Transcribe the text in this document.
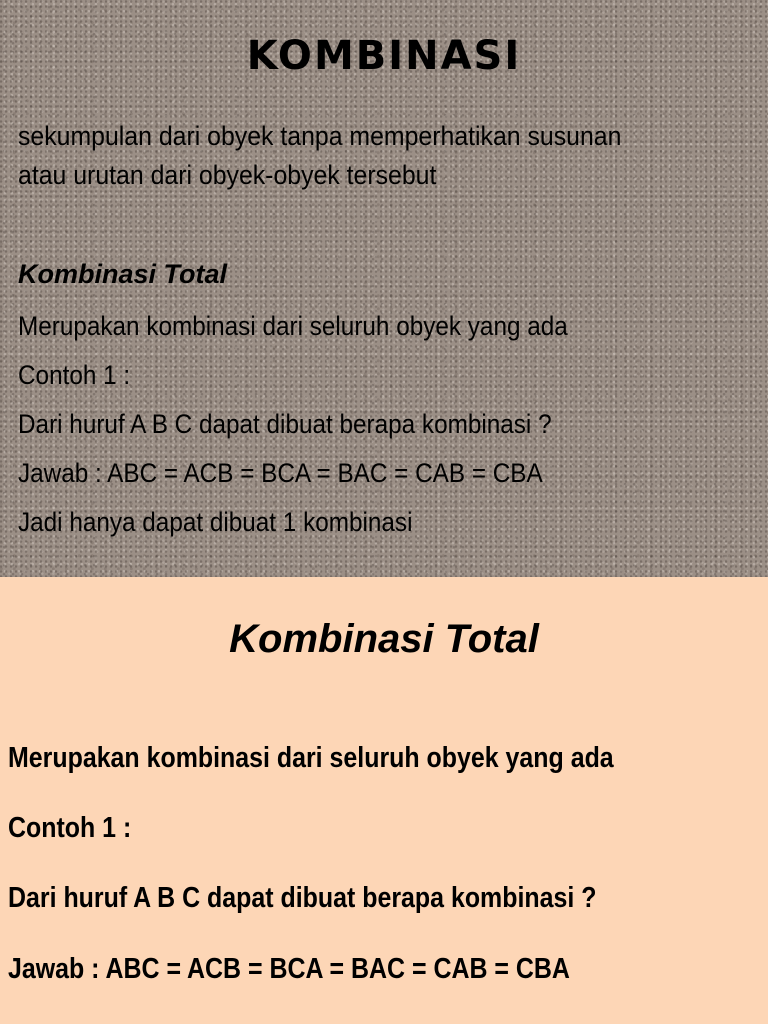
KOMBINASI

sekumpulan dari obyek tanpa memperhatikan susunan
atau urutan dari obyek-obyek tersebut

Kombinasi Total

Merupakan kombinasi dari seluruh obyek yang ada

Contoh 1 :

Dari huruf A B C dapat dibuat berapa kombinasi ?

Jawab : ABC = ACB = BCA = BAC = CAB = CBA

Jadi hanya dapat dibuat 1 kombinasi

Kombinasi Total

Merupakan kombinasi dari seluruh obyek yang ada

Contoh 1 :

Dari huruf A B C dapat dibuat berapa kombinasi ?

Jawab : ABC = ACB = BCA = BAC = CAB = CBA
